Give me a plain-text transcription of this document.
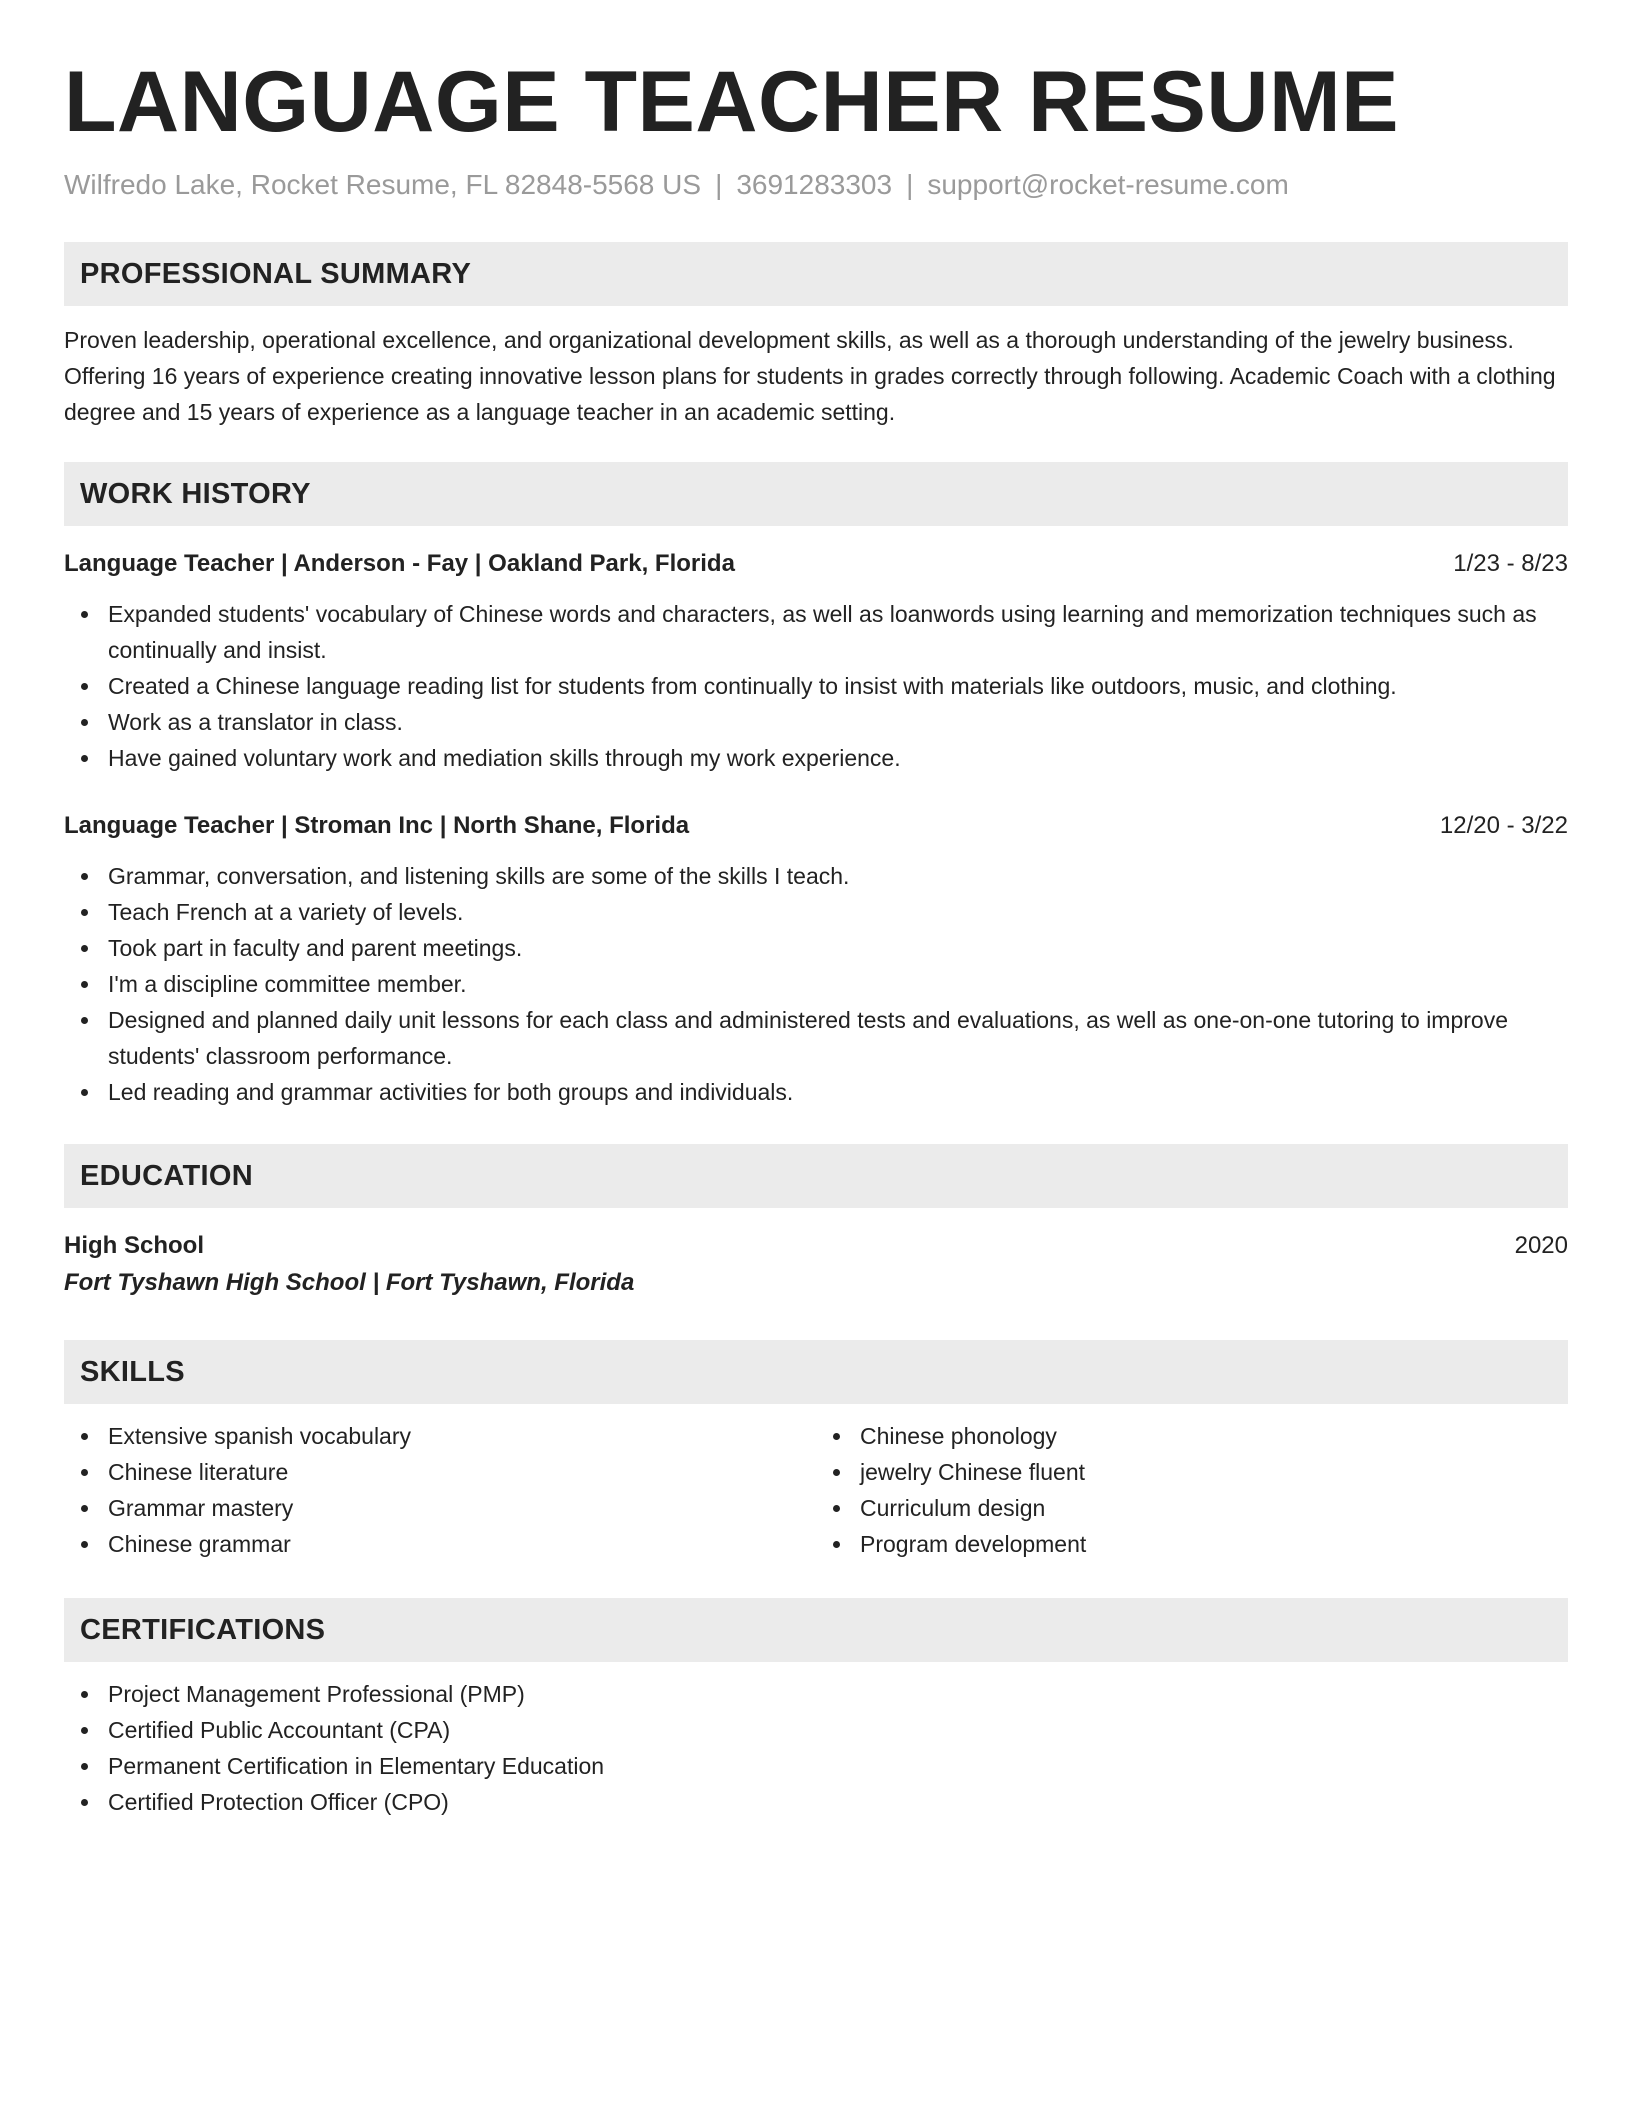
LANGUAGE TEACHER RESUME
Wilfredo Lake, Rocket Resume, FL 82848-5568 US | 3691283303 | support@rocket-resume.com
PROFESSIONAL SUMMARY
Proven leadership, operational excellence, and organizational development skills, as well as a thorough understanding of the jewelry business. Offering 16 years of experience creating innovative lesson plans for students in grades correctly through following. Academic Coach with a clothing degree and 15 years of experience as a language teacher in an academic setting.
WORK HISTORY
Language Teacher | Anderson - Fay | Oakland Park, Florida	1/23 - 8/23
Expanded students' vocabulary of Chinese words and characters, as well as loanwords using learning and memorization techniques such as continually and insist.
Created a Chinese language reading list for students from continually to insist with materials like outdoors, music, and clothing.
Work as a translator in class.
Have gained voluntary work and mediation skills through my work experience.
Language Teacher | Stroman Inc | North Shane, Florida	12/20 - 3/22
Grammar, conversation, and listening skills are some of the skills I teach.
Teach French at a variety of levels.
Took part in faculty and parent meetings.
I'm a discipline committee member.
Designed and planned daily unit lessons for each class and administered tests and evaluations, as well as one-on-one tutoring to improve students' classroom performance.
Led reading and grammar activities for both groups and individuals.
EDUCATION
High School	2020
Fort Tyshawn High School | Fort Tyshawn, Florida
SKILLS
Extensive spanish vocabulary
Chinese literature
Grammar mastery
Chinese grammar
Chinese phonology
jewelry Chinese fluent
Curriculum design
Program development
CERTIFICATIONS
Project Management Professional (PMP)
Certified Public Accountant (CPA)
Permanent Certification in Elementary Education
Certified Protection Officer (CPO)
